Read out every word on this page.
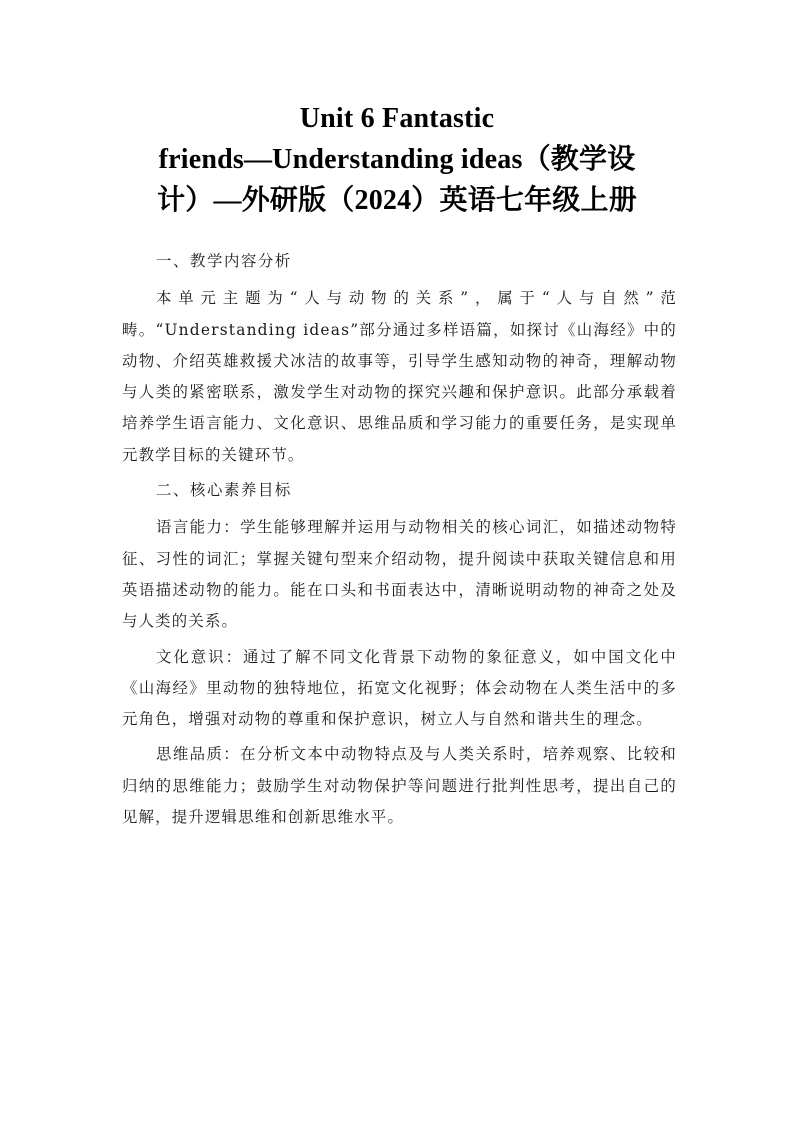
Unit 6 Fantastic
friends—Understanding ideas（教学设
计）—外研版（2024）英语七年级上册

一、教学内容分析

本单元主题为“人与动物的关系”，属于“人与自然”范畴。“Understanding ideas”部分通过多样语篇，如探讨《山海经》中的动物、介绍英雄救援犬冰洁的故事等，引导学生感知动物的神奇，理解动物与人类的紧密联系，激发学生对动物的探究兴趣和保护意识。此部分承载着培养学生语言能力、文化意识、思维品质和学习能力的重要任务，是实现单元教学目标的关键环节。

二、核心素养目标

语言能力：学生能够理解并运用与动物相关的核心词汇，如描述动物特征、习性的词汇；掌握关键句型来介绍动物，提升阅读中获取关键信息和用英语描述动物的能力。能在口头和书面表达中，清晰说明动物的神奇之处及与人类的关系。

文化意识：通过了解不同文化背景下动物的象征意义，如中国文化中《山海经》里动物的独特地位，拓宽文化视野；体会动物在人类生活中的多元角色，增强对动物的尊重和保护意识，树立人与自然和谐共生的理念。

思维品质：在分析文本中动物特点及与人类关系时，培养观察、比较和归纳的思维能力；鼓励学生对动物保护等问题进行批判性思考，提出自己的见解，提升逻辑思维和创新思维水平。
